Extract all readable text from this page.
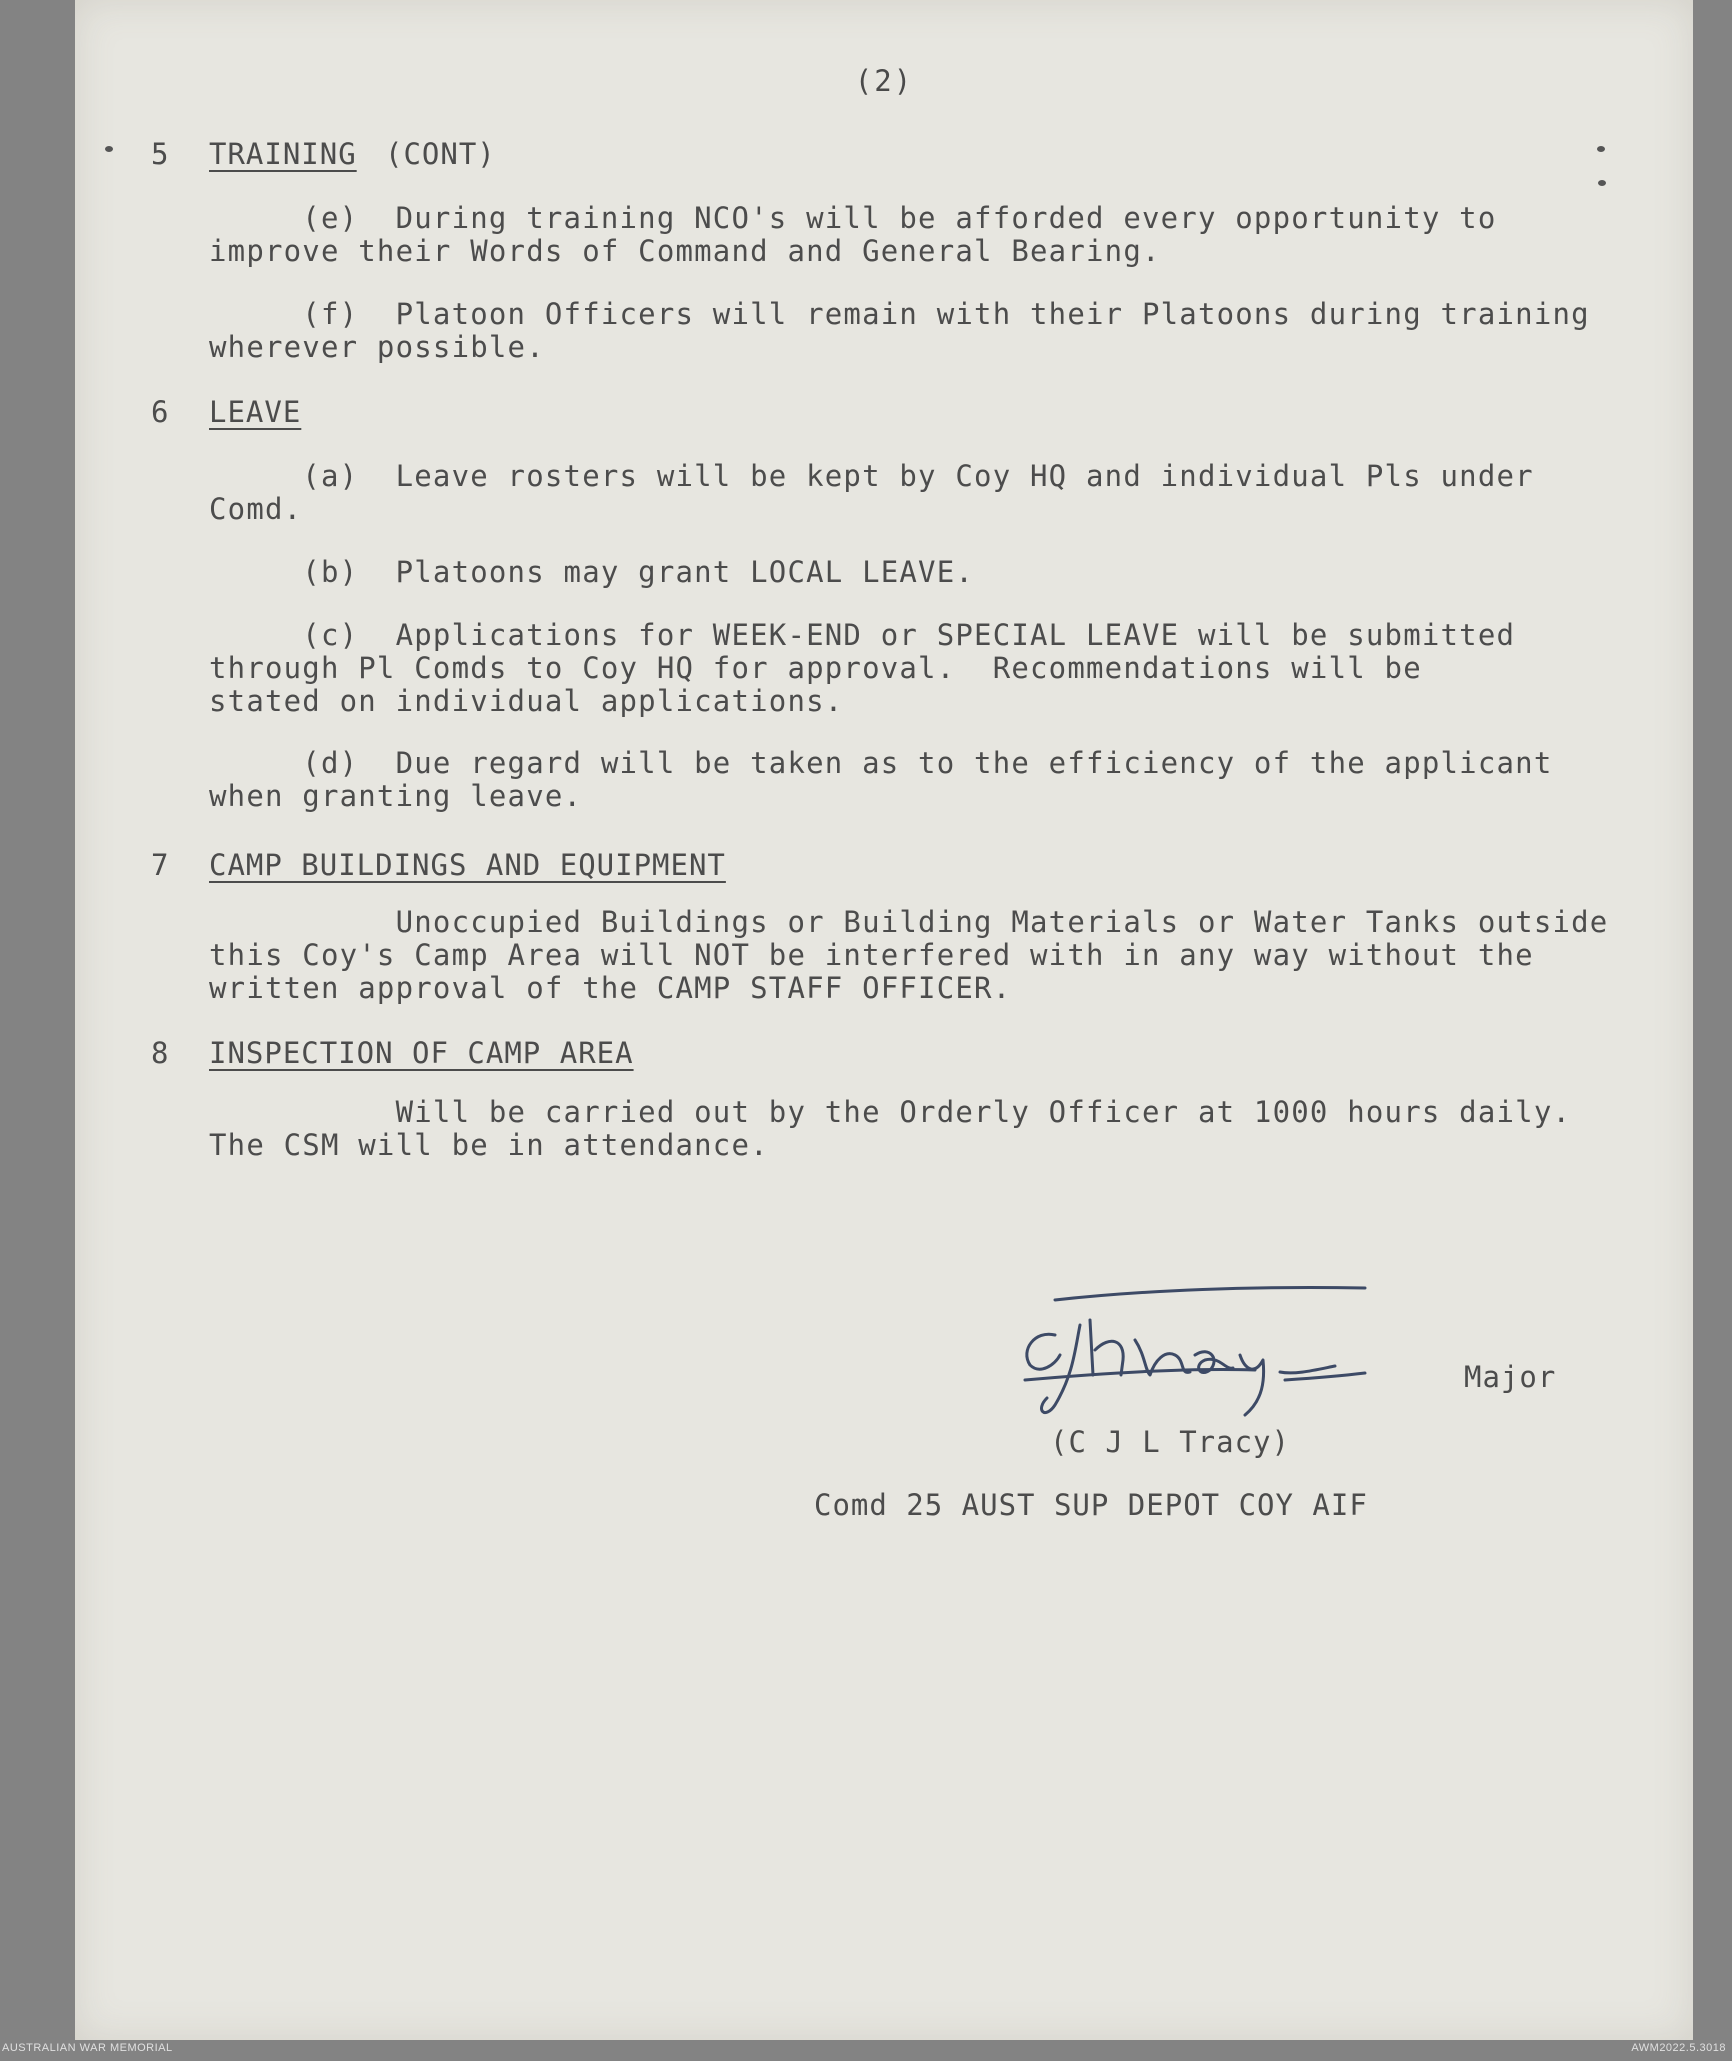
(2)
5 TRAINING (CONT)
(e)  During training NCO's will be afforded every opportunity to
improve their Words of Command and General Bearing.
(f)  Platoon Officers will remain with their Platoons during training
wherever possible.
6 LEAVE
(a)  Leave rosters will be kept by Coy HQ and individual Pls under
Comd.
(b)  Platoons may grant LOCAL LEAVE.
(c)  Applications for WEEK-END or SPECIAL LEAVE will be submitted
through Pl Comds to Coy HQ for approval.  Recommendations will be
stated on individual applications.
(d)  Due regard will be taken as to the efficiency of the applicant
when granting leave.
7 CAMP BUILDINGS AND EQUIPMENT
Unoccupied Buildings or Building Materials or Water Tanks outside
this Coy's Camp Area will NOT be interfered with in any way without the
written approval of the CAMP STAFF OFFICER.
8 INSPECTION OF CAMP AREA
Will be carried out by the Orderly Officer at 1000 hours daily.
The CSM will be in attendance.
Major
(C J L Tracy)
Comd 25 AUST SUP DEPOT COY AIF
AUSTRALIAN WAR MEMORIAL	AWM2022.5.3018
